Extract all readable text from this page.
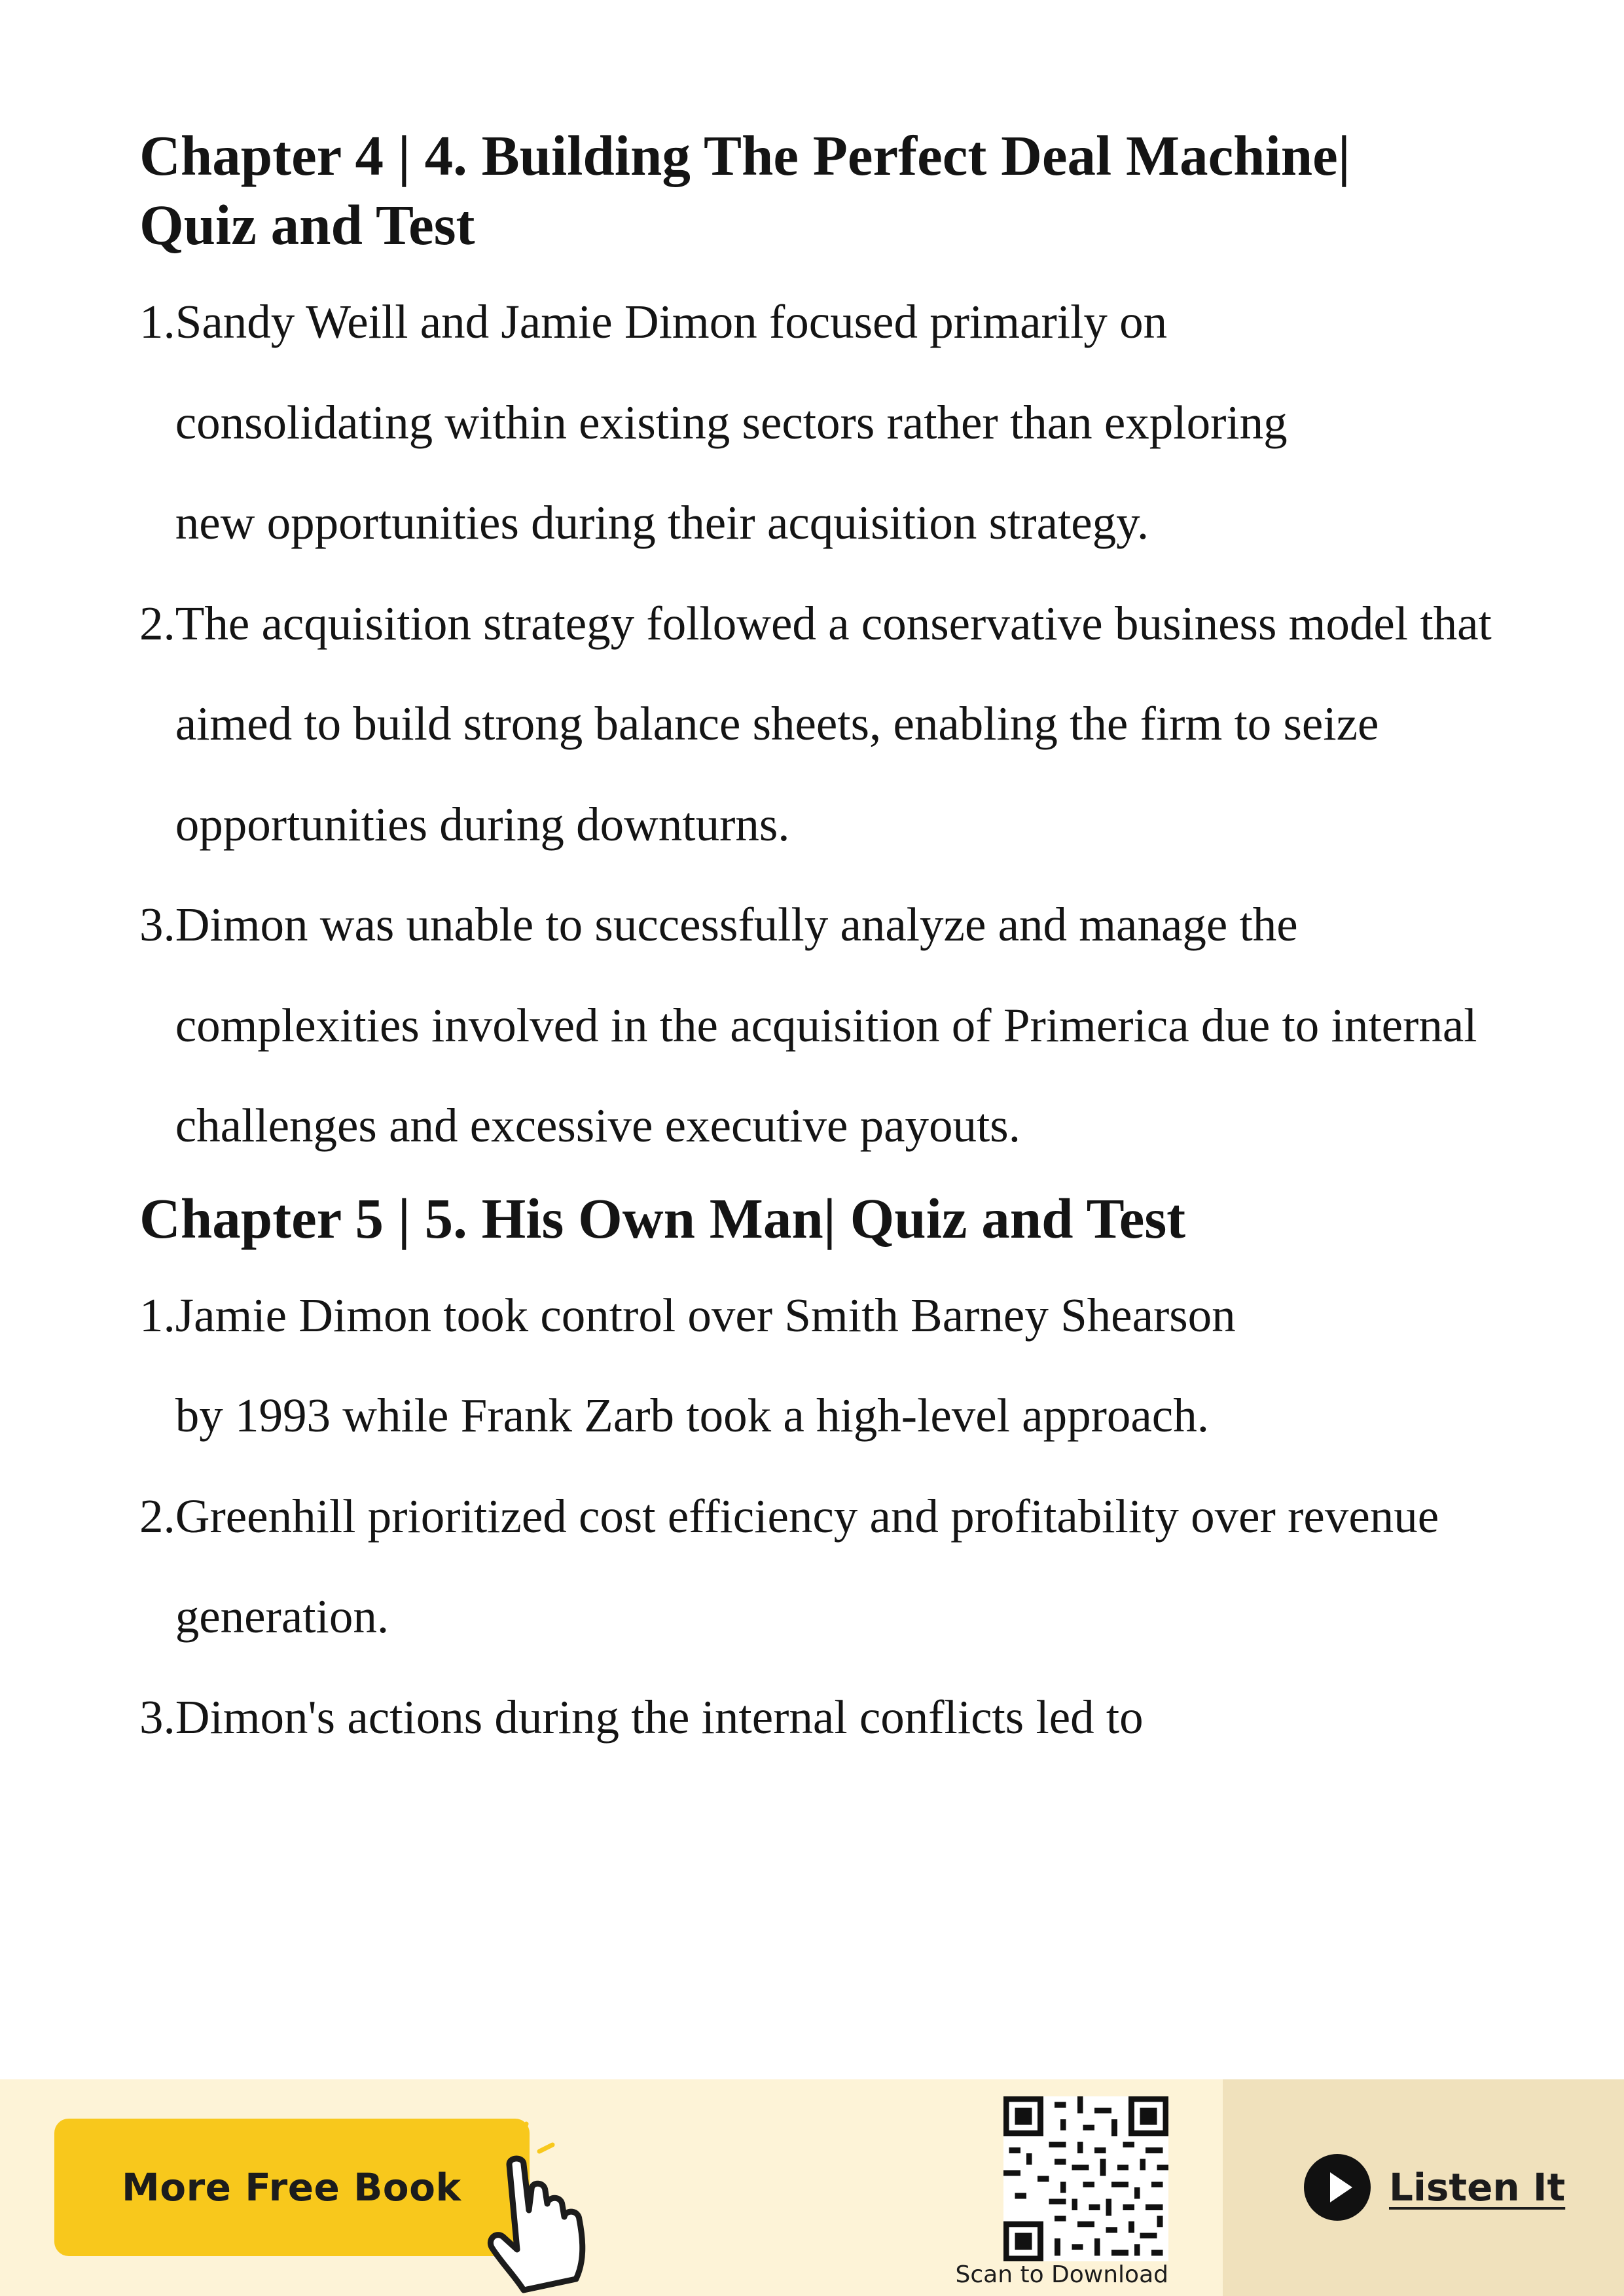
Chapter 4 | 4. Building The Perfect Deal Machine|
Quiz and Test
1. Sandy Weill and Jamie Dimon focused primarily on consolidating within existing sectors rather than exploring new opportunities during their acquisition strategy.
2. The acquisition strategy followed a conservative business model that aimed to build strong balance sheets, enabling the firm to seize opportunities during downturns.
3. Dimon was unable to successfully analyze and manage the complexities involved in the acquisition of Primerica due to internal challenges and excessive executive payouts.
Chapter 5 | 5. His Own Man| Quiz and Test
1. Jamie Dimon took control over Smith Barney Shearson by 1993 while Frank Zarb took a high-level approach.
2. Greenhill prioritized cost efficiency and profitability over revenue generation.
3. Dimon's actions during the internal conflicts led to
More Free Book
Scan to Download
Listen It
